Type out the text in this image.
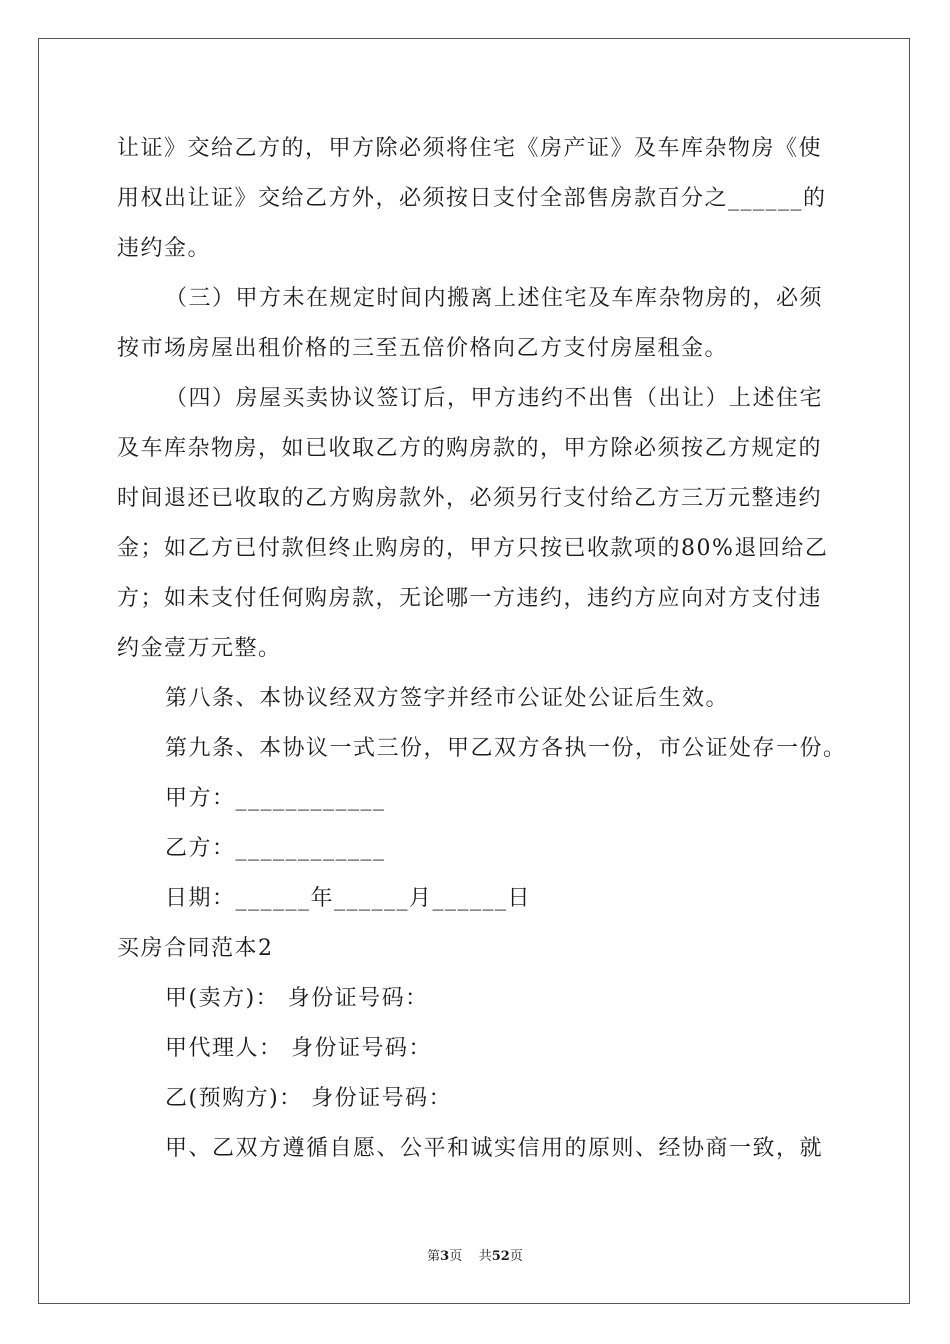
让证》交给乙方的，甲方除必须将住宅《房产证》及车库杂物房《使
用权出让证》交给乙方外，必须按日支付全部售房款百分之______的
违约金。
（三）甲方未在规定时间内搬离上述住宅及车库杂物房的，必须
按市场房屋出租价格的三至五倍价格向乙方支付房屋租金。
（四）房屋买卖协议签订后，甲方违约不出售（出让）上述住宅
及车库杂物房，如已收取乙方的购房款的，甲方除必须按乙方规定的
时间退还已收取的乙方购房款外，必须另行支付给乙方三万元整违约
金；如乙方已付款但终止购房的，甲方只按已收款项的80%退回给乙
方；如未支付任何购房款，无论哪一方违约，违约方应向对方支付违
约金壹万元整。
第八条、本协议经双方签字并经市公证处公证后生效。
第九条、本协议一式三份，甲乙双方各执一份，市公证处存一份。
甲方：____________
乙方：____________
日期：______年______月______日
买房合同范本2
甲(卖方)： 身份证号码：
甲代理人： 身份证号码：
乙(预购方)： 身份证号码：
甲、乙双方遵循自愿、公平和诚实信用的原则、经协商一致，就
第3页 共52页
